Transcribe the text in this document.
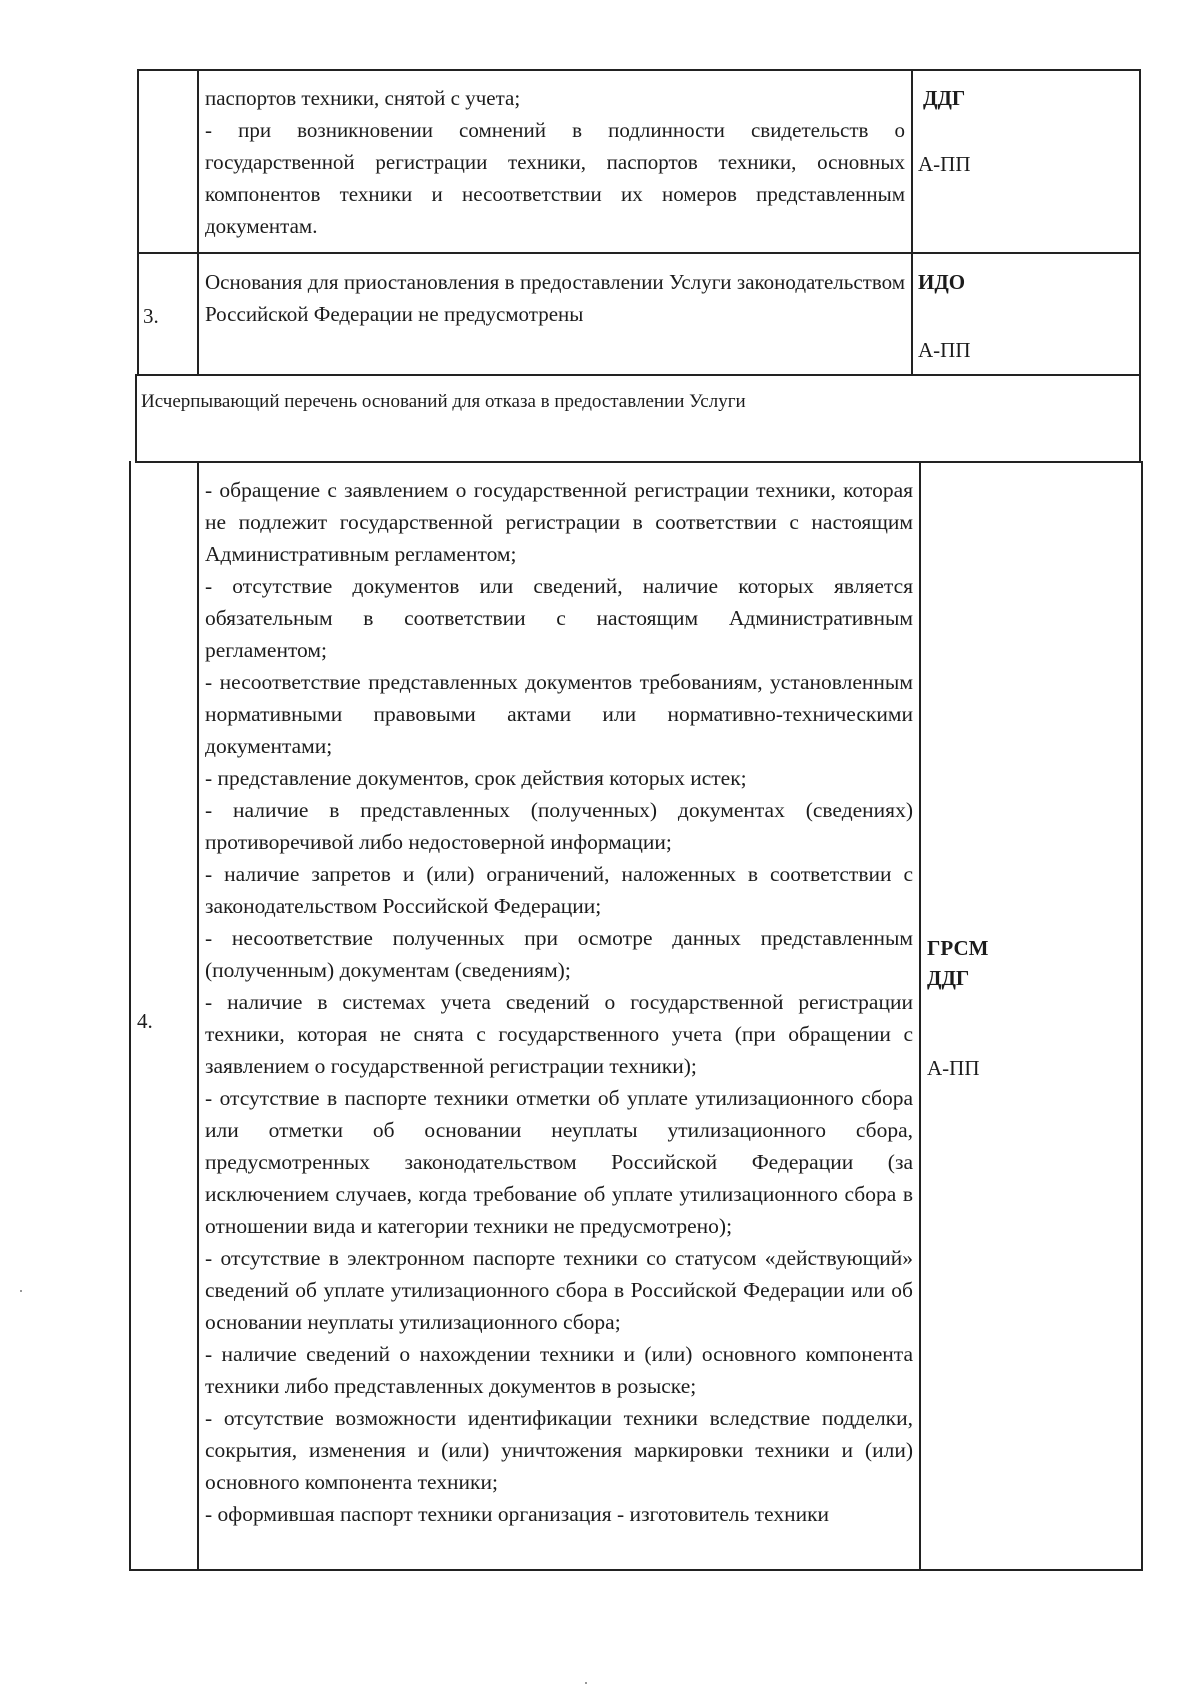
паспортов техники, снятой с учета;

- при возникновении сомнений в подлинности свидетельств о государственной регистрации техники, паспортов техники, основных компонентов техники и несоответствии их номеров представленным документам.

ДДГ
А-ПП
3.
Основания для приостановления в предоставлении Услуги законодательством Российской Федерации не предусмотрены
ИДО
А-ПП
Исчерпывающий перечень оснований для отказа в предоставлении Услуги
4.

- обращение с заявлением о государственной регистрации техники, которая не подлежит государственной регистрации в соответствии с настоящим Административным регламентом;

- отсутствие документов или сведений, наличие которых является обязательным в соответствии с настоящим Административным регламентом;

- несоответствие представленных документов требованиям, установленным нормативными правовыми актами или нормативно-техническими документами;

- представление документов, срок действия которых истек;

- наличие в представленных (полученных) документах (сведениях) противоречивой либо недостоверной информации;

- наличие запретов и (или) ограничений, наложенных в соответствии с законодательством Российской Федерации;

- несоответствие полученных при осмотре данных представленным (полученным) документам (сведениям);

- наличие в системах учета сведений о государственной регистрации техники, которая не снята с государственного учета (при обращении с заявлением о государственной регистрации техники);

- отсутствие в паспорте техники отметки об уплате утилизационного сбора или отметки об основании неуплаты утилизационного сбора, предусмотренных законодательством Российской Федерации (за исключением случаев, когда требование об уплате утилизационного сбора в отношении вида и категории техники не предусмотрено);

- отсутствие в электронном паспорте техники со статусом «действующий» сведений об уплате утилизационного сбора в Российской Федерации или об основании неуплаты утилизационного сбора;

- наличие сведений о нахождении техники и (или) основного компонента техники либо представленных документов в розыске;

- отсутствие возможности идентификации техники вследствие подделки, сокрытия, изменения и (или) уничтожения маркировки техники и (или) основного компонента техники;

- оформившая паспорт техники организация - изготовитель техники

ГРСМ
ДДГ
А-ПП
